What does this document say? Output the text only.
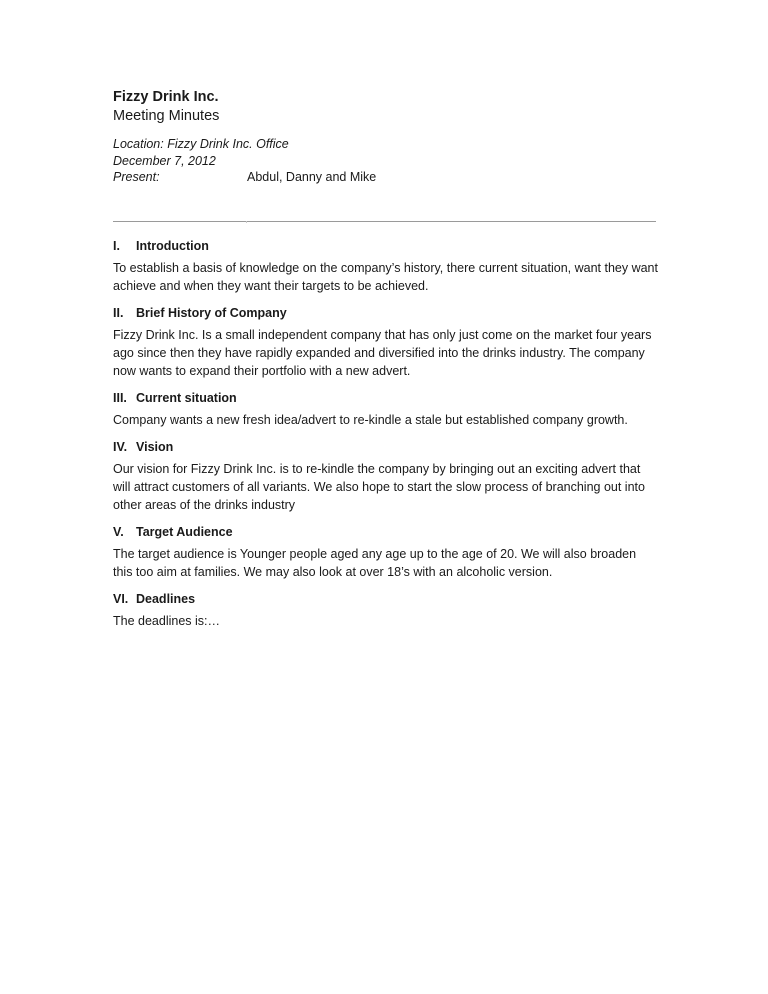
Fizzy Drink Inc.
Meeting Minutes
Location: Fizzy Drink Inc. Office
December 7, 2012
Present:	Abdul, Danny and Mike
I.	Introduction
To establish a basis of knowledge on the company’s history, there current situation, want they want achieve and when they want their targets to be achieved.
II.	Brief History of Company
Fizzy Drink Inc. Is a small independent company that has only just come on the market four years ago since then they have rapidly expanded and diversified into the drinks industry. The company now wants to expand their portfolio with a new advert.
III. Current situation
Company wants a new fresh idea/advert to re-kindle a stale but established company growth.
IV. Vision
Our vision for Fizzy Drink Inc. is to re-kindle the company by bringing out an exciting advert that will attract customers of all variants. We also hope to start the slow process of branching out into other areas of the drinks industry
V. Target Audience
The target audience is Younger people aged any age up to the age of 20. We will also broaden this too aim at families. We may also look at over 18’s with an alcoholic version.
VI. Deadlines
The deadlines is:…
